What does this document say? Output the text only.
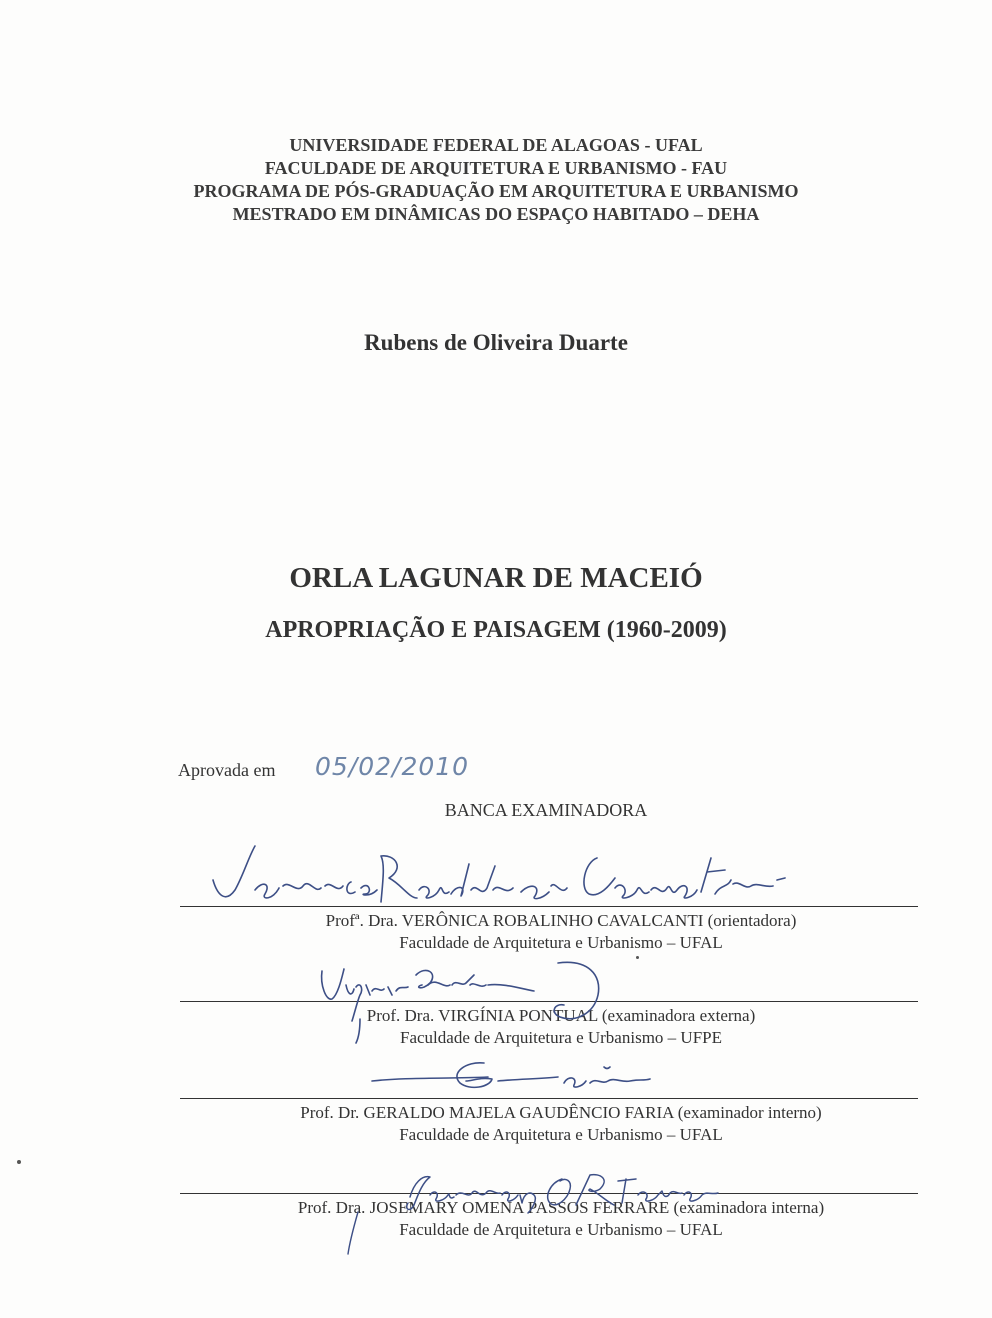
UNIVERSIDADE FEDERAL DE ALAGOAS - UFAL
FACULDADE DE ARQUITETURA E URBANISMO - FAU
PROGRAMA DE PÓS-GRADUAÇÃO EM ARQUITETURA E URBANISMO
MESTRADO EM DINÂMICAS DO ESPAÇO HABITADO – DEHA
Rubens de Oliveira Duarte
ORLA LAGUNAR DE MACEIÓ
APROPRIAÇÃO E PAISAGEM (1960-2009)
Aprovada em 05/02/2010
BANCA EXAMINADORA
Profª. Dra. VERÔNICA ROBALINHO CAVALCANTI (orientadora)
Faculdade de Arquitetura e Urbanismo – UFAL
Prof. Dra. VIRGÍNIA PONTUAL (examinadora externa)
Faculdade de Arquitetura e Urbanismo – UFPE
Prof. Dr. GERALDO MAJELA GAUDÊNCIO FARIA (examinador interno)
Faculdade de Arquitetura e Urbanismo – UFAL
Prof. Dra. JOSEMARY OMENA PASSOS FERRARE (examinadora interna)
Faculdade de Arquitetura e Urbanismo – UFAL
